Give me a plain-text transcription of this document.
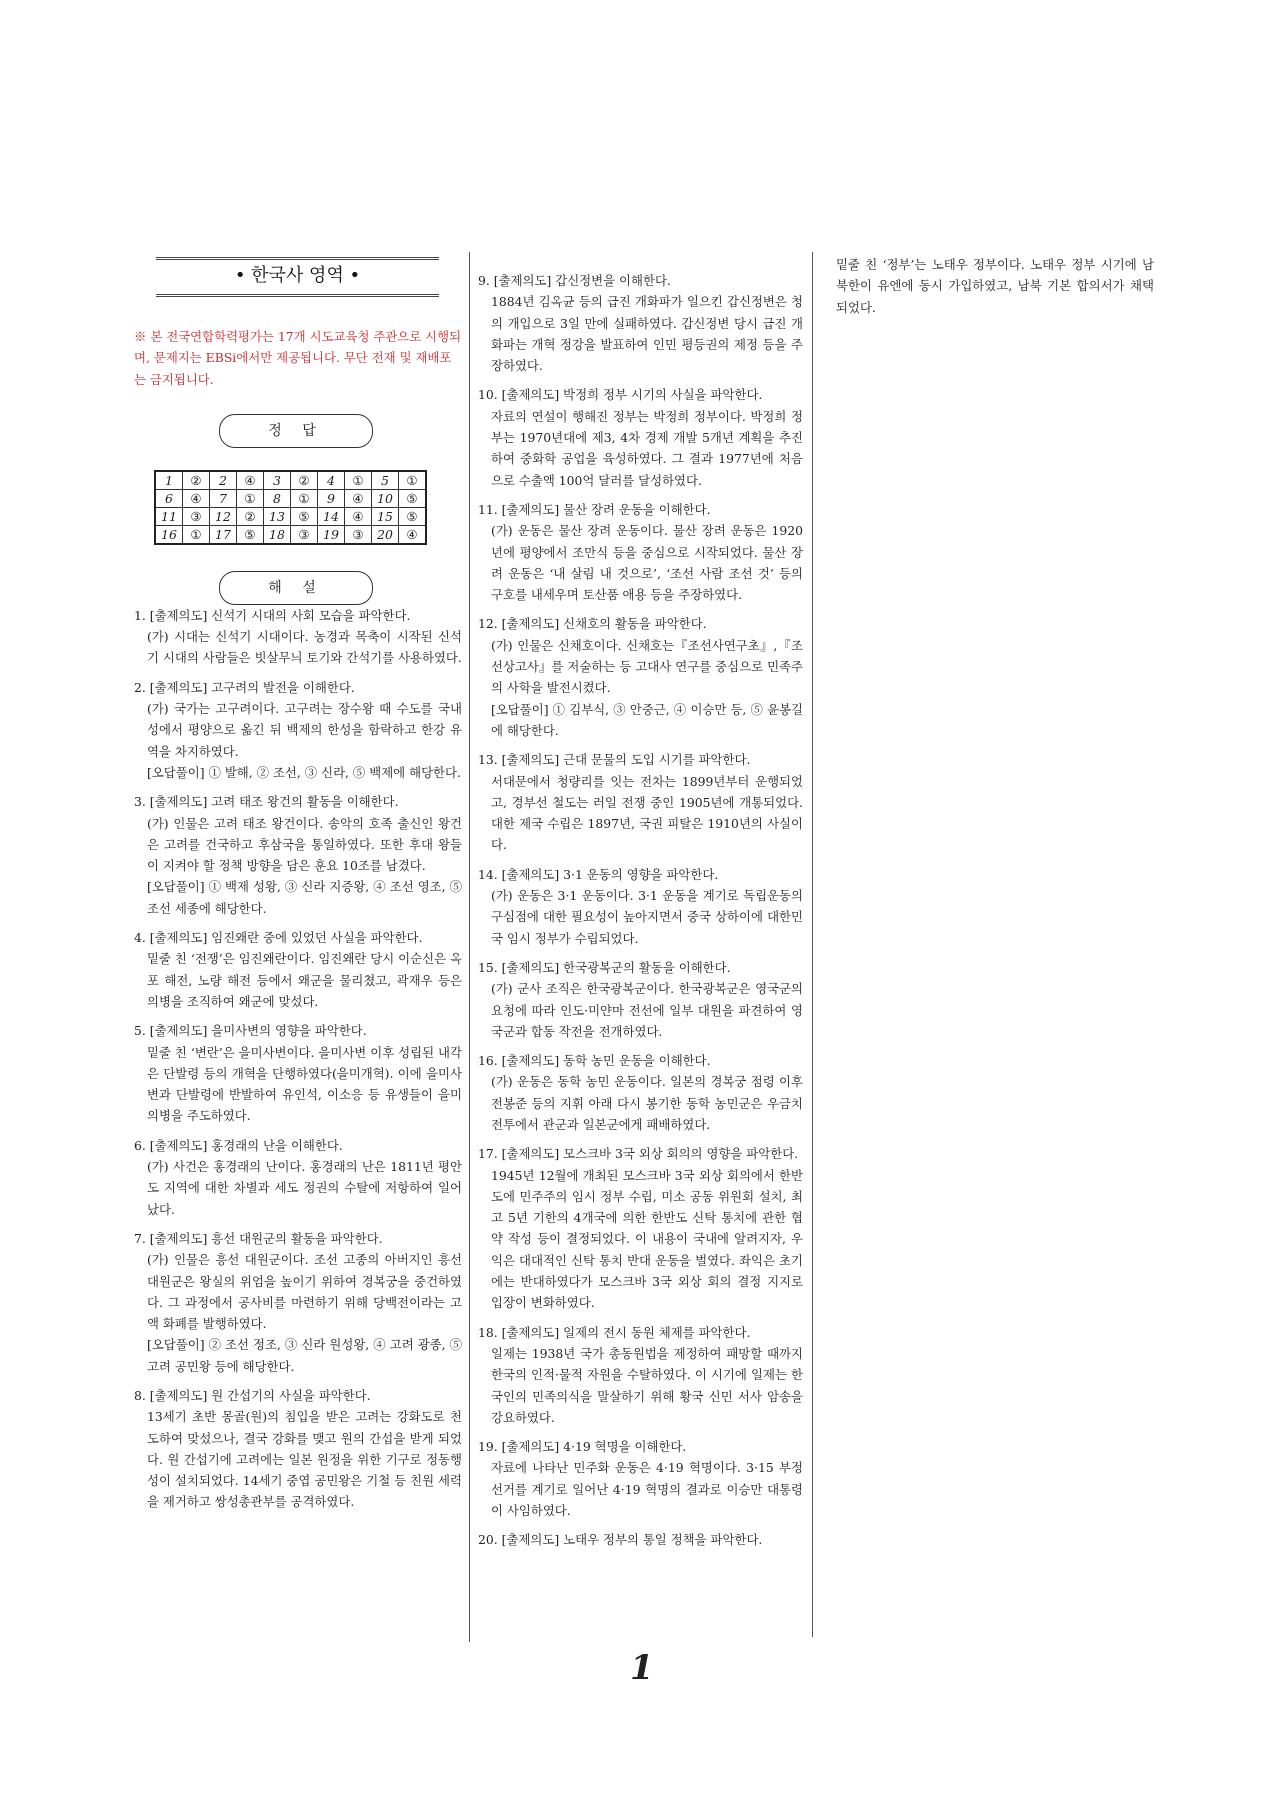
• 한국사 영역 •
※ 본 전국연합학력평가는 17개 시도교육청 주관으로 시행되며, 문제지는 EBSi에서만 제공됩니다. 무단 전재 및 재배포는 금지됩니다.
정 답
1	②	2	④	3	②	4	①	5	①
6	④	7	①	8	①	9	④	10	⑤
11	③	12	②	13	⑤	14	④	15	⑤
16	①	17	⑤	18	③	19	③	20	④
해 설

1. [출제의도] 신석기 시대의 사회 모습을 파악한다.

(가) 시대는 신석기 시대이다. 농경과 목축이 시작된 신석기 시대의 사람들은 빗살무늬 토기와 간석기를 사용하였다.

2. [출제의도] 고구려의 발전을 이해한다.

(가) 국가는 고구려이다. 고구려는 장수왕 때 수도를 국내성에서 평양으로 옮긴 뒤 백제의 한성을 함락하고 한강 유역을 차지하였다.

[오답풀이] ① 발해, ② 조선, ③ 신라, ⑤ 백제에 해당한다.

3. [출제의도] 고려 태조 왕건의 활동을 이해한다.

(가) 인물은 고려 태조 왕건이다. 송악의 호족 출신인 왕건은 고려를 건국하고 후삼국을 통일하였다. 또한 후대 왕들이 지켜야 할 정책 방향을 담은 훈요 10조를 남겼다.

[오답풀이] ① 백제 성왕, ③ 신라 지증왕, ④ 조선 영조, ⑤ 조선 세종에 해당한다.

4. [출제의도] 임진왜란 중에 있었던 사실을 파악한다.

밑줄 친 ‘전쟁’은 임진왜란이다. 임진왜란 당시 이순신은 옥포 해전, 노량 해전 등에서 왜군을 물리쳤고, 곽재우 등은 의병을 조직하여 왜군에 맞섰다.

5. [출제의도] 을미사변의 영향을 파악한다.

밑줄 친 ‘변란’은 을미사변이다. 을미사변 이후 성립된 내각은 단발령 등의 개혁을 단행하였다(을미개혁). 이에 을미사변과 단발령에 반발하여 유인석, 이소응 등 유생들이 을미의병을 주도하였다.

6. [출제의도] 홍경래의 난을 이해한다.

(가) 사건은 홍경래의 난이다. 홍경래의 난은 1811년 평안도 지역에 대한 차별과 세도 정권의 수탈에 저항하여 일어났다.

7. [출제의도] 흥선 대원군의 활동을 파악한다.

(가) 인물은 흥선 대원군이다. 조선 고종의 아버지인 흥선 대원군은 왕실의 위엄을 높이기 위하여 경복궁을 중건하였다. 그 과정에서 공사비를 마련하기 위해 당백전이라는 고액 화폐를 발행하였다.

[오답풀이] ② 조선 정조, ③ 신라 원성왕, ④ 고려 광종, ⑤ 고려 공민왕 등에 해당한다.

8. [출제의도] 원 간섭기의 사실을 파악한다.

13세기 초반 몽골(원)의 침입을 받은 고려는 강화도로 천도하여 맞섰으나, 결국 강화를 맺고 원의 간섭을 받게 되었다. 원 간섭기에 고려에는 일본 원정을 위한 기구로 정동행성이 설치되었다. 14세기 중엽 공민왕은 기철 등 친원 세력을 제거하고 쌍성총관부를 공격하였다.

9. [출제의도] 갑신정변을 이해한다.

1884년 김옥균 등의 급진 개화파가 일으킨 갑신정변은 청의 개입으로 3일 만에 실패하였다. 갑신정변 당시 급진 개화파는 개혁 정강을 발표하여 인민 평등권의 제정 등을 주장하였다.

10. [출제의도] 박정희 정부 시기의 사실을 파악한다.

자료의 연설이 행해진 정부는 박정희 정부이다. 박정희 정부는 1970년대에 제3, 4차 경제 개발 5개년 계획을 추진하여 중화학 공업을 육성하였다. 그 결과 1977년에 처음으로 수출액 100억 달러를 달성하였다.

11. [출제의도] 물산 장려 운동을 이해한다.

(가) 운동은 물산 장려 운동이다. 물산 장려 운동은 1920년에 평양에서 조만식 등을 중심으로 시작되었다. 물산 장려 운동은 ‘내 살림 내 것으로’, ‘조선 사람 조선 것’ 등의 구호를 내세우며 토산품 애용 등을 주장하였다.

12. [출제의도] 신채호의 활동을 파악한다.

(가) 인물은 신채호이다. 신채호는『조선사연구초』,『조선상고사』를 저술하는 등 고대사 연구를 중심으로 민족주의 사학을 발전시켰다.

[오답풀이] ① 김부식, ③ 안중근, ④ 이승만 등, ⑤ 윤봉길에 해당한다.

13. [출제의도] 근대 문물의 도입 시기를 파악한다.

서대문에서 청량리를 잇는 전차는 1899년부터 운행되었고, 경부선 철도는 러일 전쟁 중인 1905년에 개통되었다. 대한 제국 수립은 1897년, 국권 피탈은 1910년의 사실이다.

14. [출제의도] 3·1 운동의 영향을 파악한다.

(가) 운동은 3·1 운동이다. 3·1 운동을 계기로 독립운동의 구심점에 대한 필요성이 높아지면서 중국 상하이에 대한민국 임시 정부가 수립되었다.

15. [출제의도] 한국광복군의 활동을 이해한다.

(가) 군사 조직은 한국광복군이다. 한국광복군은 영국군의 요청에 따라 인도·미얀마 전선에 일부 대원을 파견하여 영국군과 합동 작전을 전개하였다.

16. [출제의도] 동학 농민 운동을 이해한다.

(가) 운동은 동학 농민 운동이다. 일본의 경복궁 점령 이후 전봉준 등의 지휘 아래 다시 봉기한 동학 농민군은 우금치 전투에서 관군과 일본군에게 패배하였다.

17. [출제의도] 모스크바 3국 외상 회의의 영향을 파악한다.

1945년 12월에 개최된 모스크바 3국 외상 회의에서 한반도에 민주주의 임시 정부 수립, 미소 공동 위원회 설치, 최고 5년 기한의 4개국에 의한 한반도 신탁 통치에 관한 협약 작성 등이 결정되었다. 이 내용이 국내에 알려지자, 우익은 대대적인 신탁 통치 반대 운동을 벌였다. 좌익은 초기에는 반대하였다가 모스크바 3국 외상 회의 결정 지지로 입장이 변화하였다.

18. [출제의도] 일제의 전시 동원 체제를 파악한다.

일제는 1938년 국가 총동원법을 제정하여 패망할 때까지 한국의 인적·물적 자원을 수탈하였다. 이 시기에 일제는 한국인의 민족의식을 말살하기 위해 황국 신민 서사 암송을 강요하였다.

19. [출제의도] 4·19 혁명을 이해한다.

자료에 나타난 민주화 운동은 4·19 혁명이다. 3·15 부정 선거를 계기로 일어난 4·19 혁명의 결과로 이승만 대통령이 사임하였다.

20. [출제의도] 노태우 정부의 통일 정책을 파악한다.

밑줄 친 ‘정부’는 노태우 정부이다. 노태우 정부 시기에 남북한이 유엔에 동시 가입하였고, 남북 기본 합의서가 채택되었다.

1
